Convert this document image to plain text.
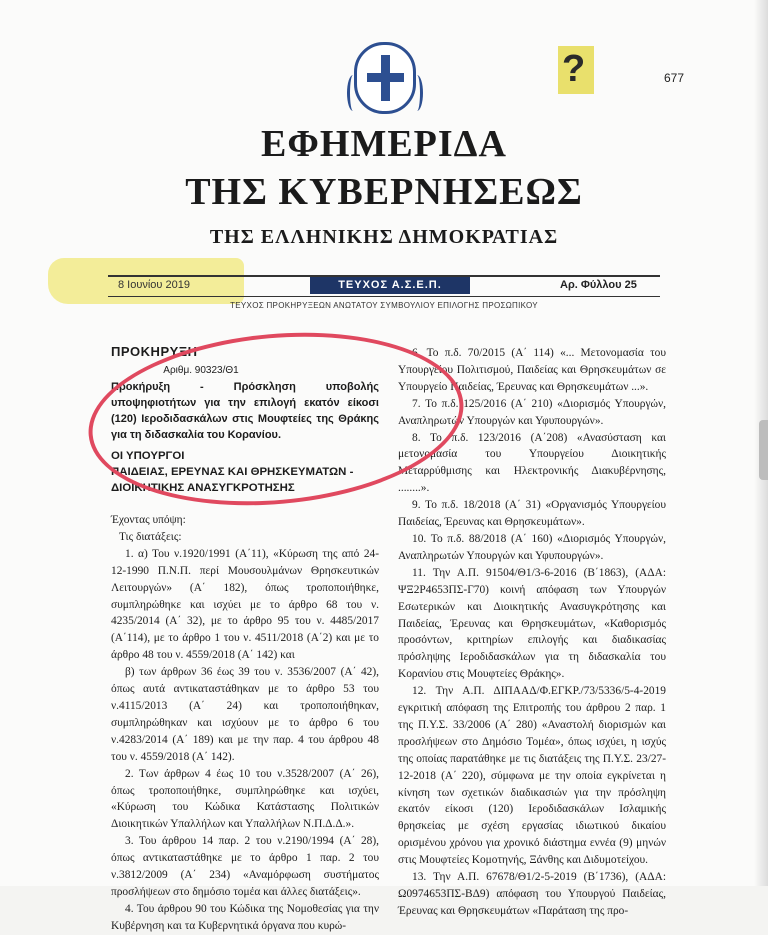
?	677
ΕΦΗΜΕΡΙΔΑ
ΤΗΣ ΚΥΒΕΡΝΗΣΕΩΣ
ΤΗΣ ΕΛΛΗΝΙΚΗΣ ΔΗΜΟΚΡΑΤΙΑΣ
8 Ιουνίου 2019	ΤΕΥΧΟΣ Α.Σ.Ε.Π.	Αρ. Φύλλου 25
ΤΕΥΧΟΣ ΠΡΟΚΗΡΥΞΕΩΝ ΑΝΩΤΑΤΟΥ ΣΥΜΒΟΥΛΙΟΥ ΕΠΙΛΟΓΗΣ ΠΡΟΣΩΠΙΚΟΥ
ΠΡΟΚΗΡΥΞΗ
Αριθμ. 90323/Θ1
Προκήρυξη - Πρόσκληση υποβολής υποψηφιοτήτων για την επιλογή εκατόν είκοσι (120) Ιεροδιδασκάλων στις Μουφτείες της Θράκης για τη διδασκαλία του Κορανίου.
ΟΙ ΥΠΟΥΡΓΟΙ
ΠΑΙΔΕΙΑΣ, ΕΡΕΥΝΑΣ ΚΑΙ ΘΡΗΣΚΕΥΜΑΤΩΝ -
ΔΙΟΙΚΗΤΙΚΗΣ ΑΝΑΣΥΓΚΡΟΤΗΣΗΣ

Έχοντας υπόψη:

Τις διατάξεις:

1. α) Του ν.1920/1991 (Α΄11), «Κύρωση της από 24-12-1990 Π.Ν.Π. περί Μουσουλμάνων Θρησκευτικών Λειτουργών» (Α΄ 182), όπως τροποποιήθηκε, συμπληρώθηκε και ισχύει με το άρθρο 68 του ν. 4235/2014 (Α΄ 32), με το άρθρο 95 του ν. 4485/2017 (Α΄114), με το άρθρο 1 του ν. 4511/2018 (Α΄2) και με το άρθρο 48 του ν. 4559/2018 (Α΄ 142) και

β) των άρθρων 36 έως 39 του ν. 3536/2007 (Α΄ 42), όπως αυτά αντικαταστάθηκαν με το άρθρο 53 του ν.4115/2013 (Α΄ 24) και τροποποιήθηκαν, συμπληρώθηκαν και ισχύουν με το άρθρο 6 του ν.4283/2014 (Α΄ 189) και με την παρ. 4 του άρθρου 48 του ν. 4559/2018 (Α΄ 142).

2. Των άρθρων 4 έως 10 του ν.3528/2007 (Α΄ 26), όπως τροποποιήθηκε, συμπληρώθηκε και ισχύει, «Κύρωση του Κώδικα Κατάστασης Πολιτικών Διοικητικών Υπαλλήλων και Υπαλλήλων Ν.Π.Δ.Δ.».

3. Του άρθρου 14 παρ. 2 του ν.2190/1994 (Α΄ 28), όπως αντικαταστάθηκε με το άρθρο 1 παρ. 2 του ν.3812/2009 (Α΄ 234) «Αναμόρφωση συστήματος προσλήψεων στο δημόσιο τομέα και άλλες διατάξεις».

4. Του άρθρου 90 του Κώδικα της Νομοθεσίας για την Κυβέρνηση και τα Κυβερνητικά όργανα που κυρώ-

6. Το π.δ. 70/2015 (Α΄ 114) «... Μετονομασία του Υπουργείου Πολιτισμού, Παιδείας και Θρησκευμάτων σε Υπουργείο Παιδείας, Έρευνας και Θρησκευμάτων ...».

7. Το π.δ. 125/2016 (Α΄ 210) «Διορισμός Υπουργών, Αναπληρωτών Υπουργών και Υφυπουργών».

8. Το π.δ. 123/2016 (Α΄208) «Ανασύσταση και μετονομασία του Υπουργείου Διοικητικής Μεταρρύθμισης και Ηλεκτρονικής Διακυβέρνησης, ........».

9. Το π.δ. 18/2018 (Α΄ 31) «Οργανισμός Υπουργείου Παιδείας, Έρευνας και Θρησκευμάτων».

10. Το π.δ. 88/2018 (Α΄ 160) «Διορισμός Υπουργών, Αναπληρωτών Υπουργών και Υφυπουργών».

11. Την Α.Π. 91504/Θ1/3-6-2016 (Β΄1863), (ΑΔΑ: ΨΞ2Ρ4653ΠΣ-Γ70) κοινή απόφαση των Υπουργών Εσωτερικών και Διοικητικής Ανασυγκρότησης και Παιδείας, Έρευνας και Θρησκευμάτων, «Καθορισμός προσόντων, κριτηρίων επιλογής και διαδικασίας πρόσληψης Ιεροδιδασκάλων για τη διδασκαλία του Κορανίου στις Μουφτείες Θράκης».

12. Την Α.Π. ΔΙΠΑΑΔ/Φ.ΕΓΚΡ./73/5336/5-4-2019 εγκριτική απόφαση της Επιτροπής του άρθρου 2 παρ. 1 της Π.Υ.Σ. 33/2006 (Α΄ 280) «Αναστολή διορισμών και προσλήψεων στο Δημόσιο Τομέα», όπως ισχύει, η ισχύς της οποίας παρατάθηκε με τις διατάξεις της Π.Υ.Σ. 23/27-12-2018 (Α΄ 220), σύμφωνα με την οποία εγκρίνεται η κίνηση των σχετικών διαδικασιών για την πρόσληψη εκατόν είκοσι (120) Ιεροδιδασκάλων Ισλαμικής θρησκείας με σχέση εργασίας ιδιωτικού δικαίου ορισμένου χρόνου για χρονικό διάστημα εννέα (9) μηνών στις Μουφτείες Κομοτηνής, Ξάνθης και Διδυμοτείχου.

13. Την Α.Π. 67678/Θ1/2-5-2019 (Β΄1736), (ΑΔΑ: Ω0974653ΠΣ-ΒΔ9) απόφαση του Υπουργού Παιδείας, Έρευνας και Θρησκευμάτων «Παράταση της προ-
